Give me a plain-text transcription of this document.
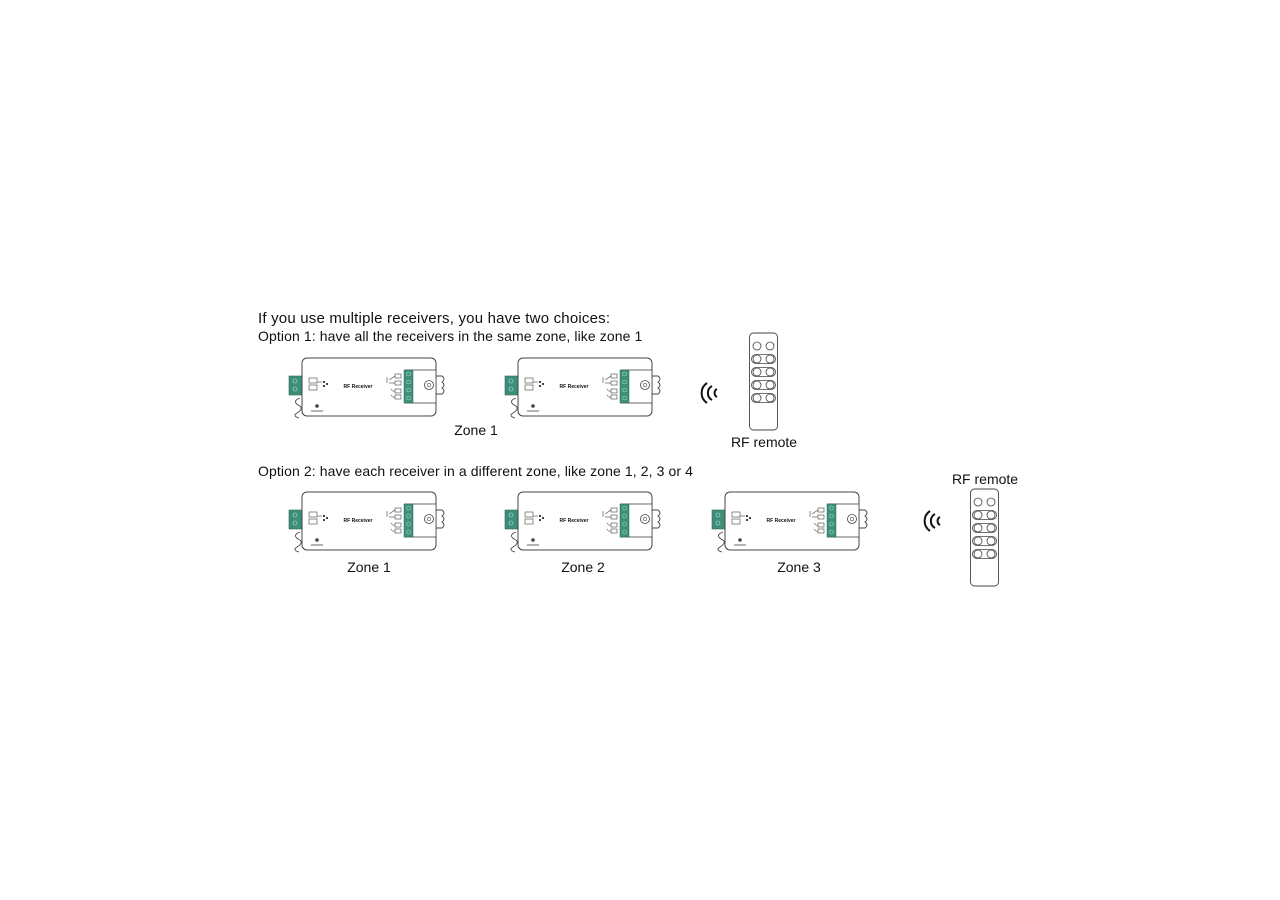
If you use multiple receivers, you have two choices:
Option 1: have all the receivers in the same zone, like zone 1
Option 2: have each receiver in a different zone, like zone 1, 2, 3 or 4
RF Receiver	RF Receiver
Zone 1
RF remote
RF Receiver	RF Receiver	RF Receiver
Zone 1	Zone 2	Zone 3
RF remote
